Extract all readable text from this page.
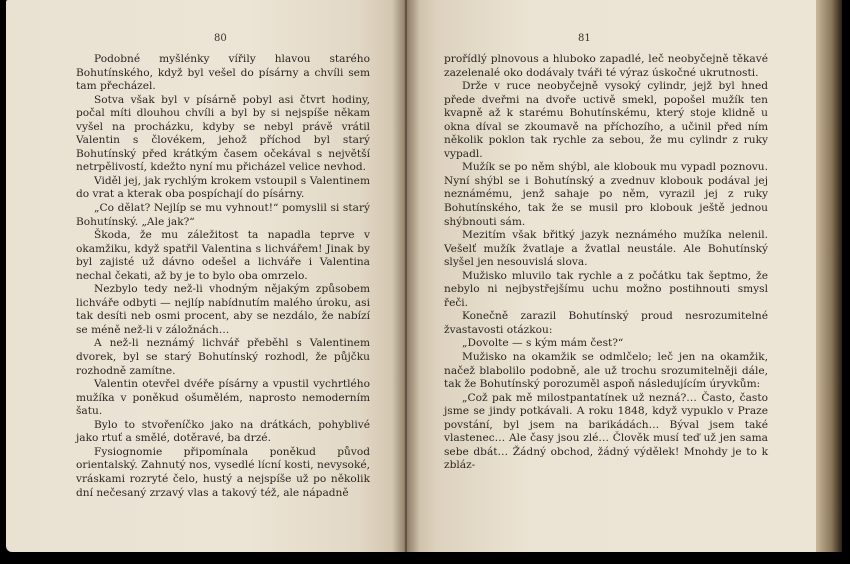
80

Podobné myšlénky vířily hlavou starého Bohutínského, když byl vešel do písárny a chvíli sem tam přecházel.

Sotva však byl v písárně pobyl asi čtvrt hodiny, počal míti dlouhou chvíli a byl by si nejspíše někam vyšel na procházku, kdyby se nebyl právě vrátil Valentin s človékem, jehož příchod byl starý Bohutínský před krátkým časem očekával s největší netrpělivostí, kdežto nyní mu přicházel velice nevhod.

Viděl jej, jak rychlým krokem vstoupil s Valentinem do vrat a kterak oba pospíchají do písárny.

„Co dělat? Nejlíp se mu vyhnout!“ pomyslil si starý Bohutínský. „Ale jak?“

Škoda, že mu záležitost ta napadla teprve v okamžiku, když spatřil Valentina s lichvářem! Jinak by byl zajisté už dávno odešel a lichváře i Valentina nechal čekati, až by je to bylo oba omrzelo.

Nezbylo tedy než-li vhodným nějakým způsobem lichváře odbyti — nejlíp nabídnutím malého úroku, asi tak desíti neb osmi procent, aby se nezdálo, že nabízí se méně než-li v záložnách…

A než-li neznámý lichvář přeběhl s Valentinem dvorek, byl se starý Bohutínský rozhodl, že půjčku rozhodně zamítne.

Valentin otevřel dvéře písárny a vpustil vychrtlého mužíka v poněkud ošumělém, naprosto nemoderním šatu.

Bylo to stvořeníčko jako na drátkách, pohyblivé jako rtuť a smělé, dotěravé, ba drzé.

Fysiognomie připomínala poněkud původ orientalský. Zahnutý nos, vysedlé lícní kosti, nevysoké, vráskami rozryté čelo, hustý a nejspíše už po několik dní nečesaný zrzavý vlas a takový též, ale nápadně

81

prořídlý plnovous a hluboko zapadlé, leč neobyčejně těkavé zazelenalé oko dodávaly tváři té výraz úskočné ukrutnosti.

Drže v ruce neobyčejně vysoký cylindr, jejž byl hned přede dveřmi na dvoře uctivě smekl, popošel mužík ten kvapně až k starému Bohutínskému, který stoje klidně u okna díval se zkoumavě na příchozího, a učinil před ním několik poklon tak rychle za sebou, že mu cylindr z ruky vypadl.

Mužík se po něm shýbl, ale klobouk mu vypadl poznovu. Nyní shýbl se i Bohutínský a zvednuv klobouk podával jej neznámému, jenž sahaje po něm, vyrazil jej z ruky Bohutínského, tak že se musil pro klobouk ještě jednou shýbnouti sám.

Mezitím však břitký jazyk neznámého mužíka nelenil. Vešelť mužík žvatlaje a žvatlal neustále. Ale Bohutínský slyšel jen nesouvislá slova.

Mužisko mluvilo tak rychle a z počátku tak šeptmo, že nebylo ni nejbystřejšímu uchu možno postihnouti smysl řeči.

Konečně zarazil Bohutínský proud nesrozumitelné žvastavosti otázkou:

„Dovolte — s kým mám čest?“

Mužisko na okamžik se odmlčelo; leč jen na okamžik, načež blabolilo podobně, ale už trochu srozumitelněji dále, tak že Bohutínský porozuměl aspoň následujícím úryvkům:

„Což pak mě milostpantatínek už nezná?… Často, často jsme se jindy potkávali. A roku 1848, když vypuklo v Praze povstání, byl jsem na barikádách… Býval jsem také vlastenec… Ale časy jsou zlé… Člověk musí teď už jen sama sebe dbát… Žádný obchod, žádný výdělek! Mnohdy je to k zbláz-
